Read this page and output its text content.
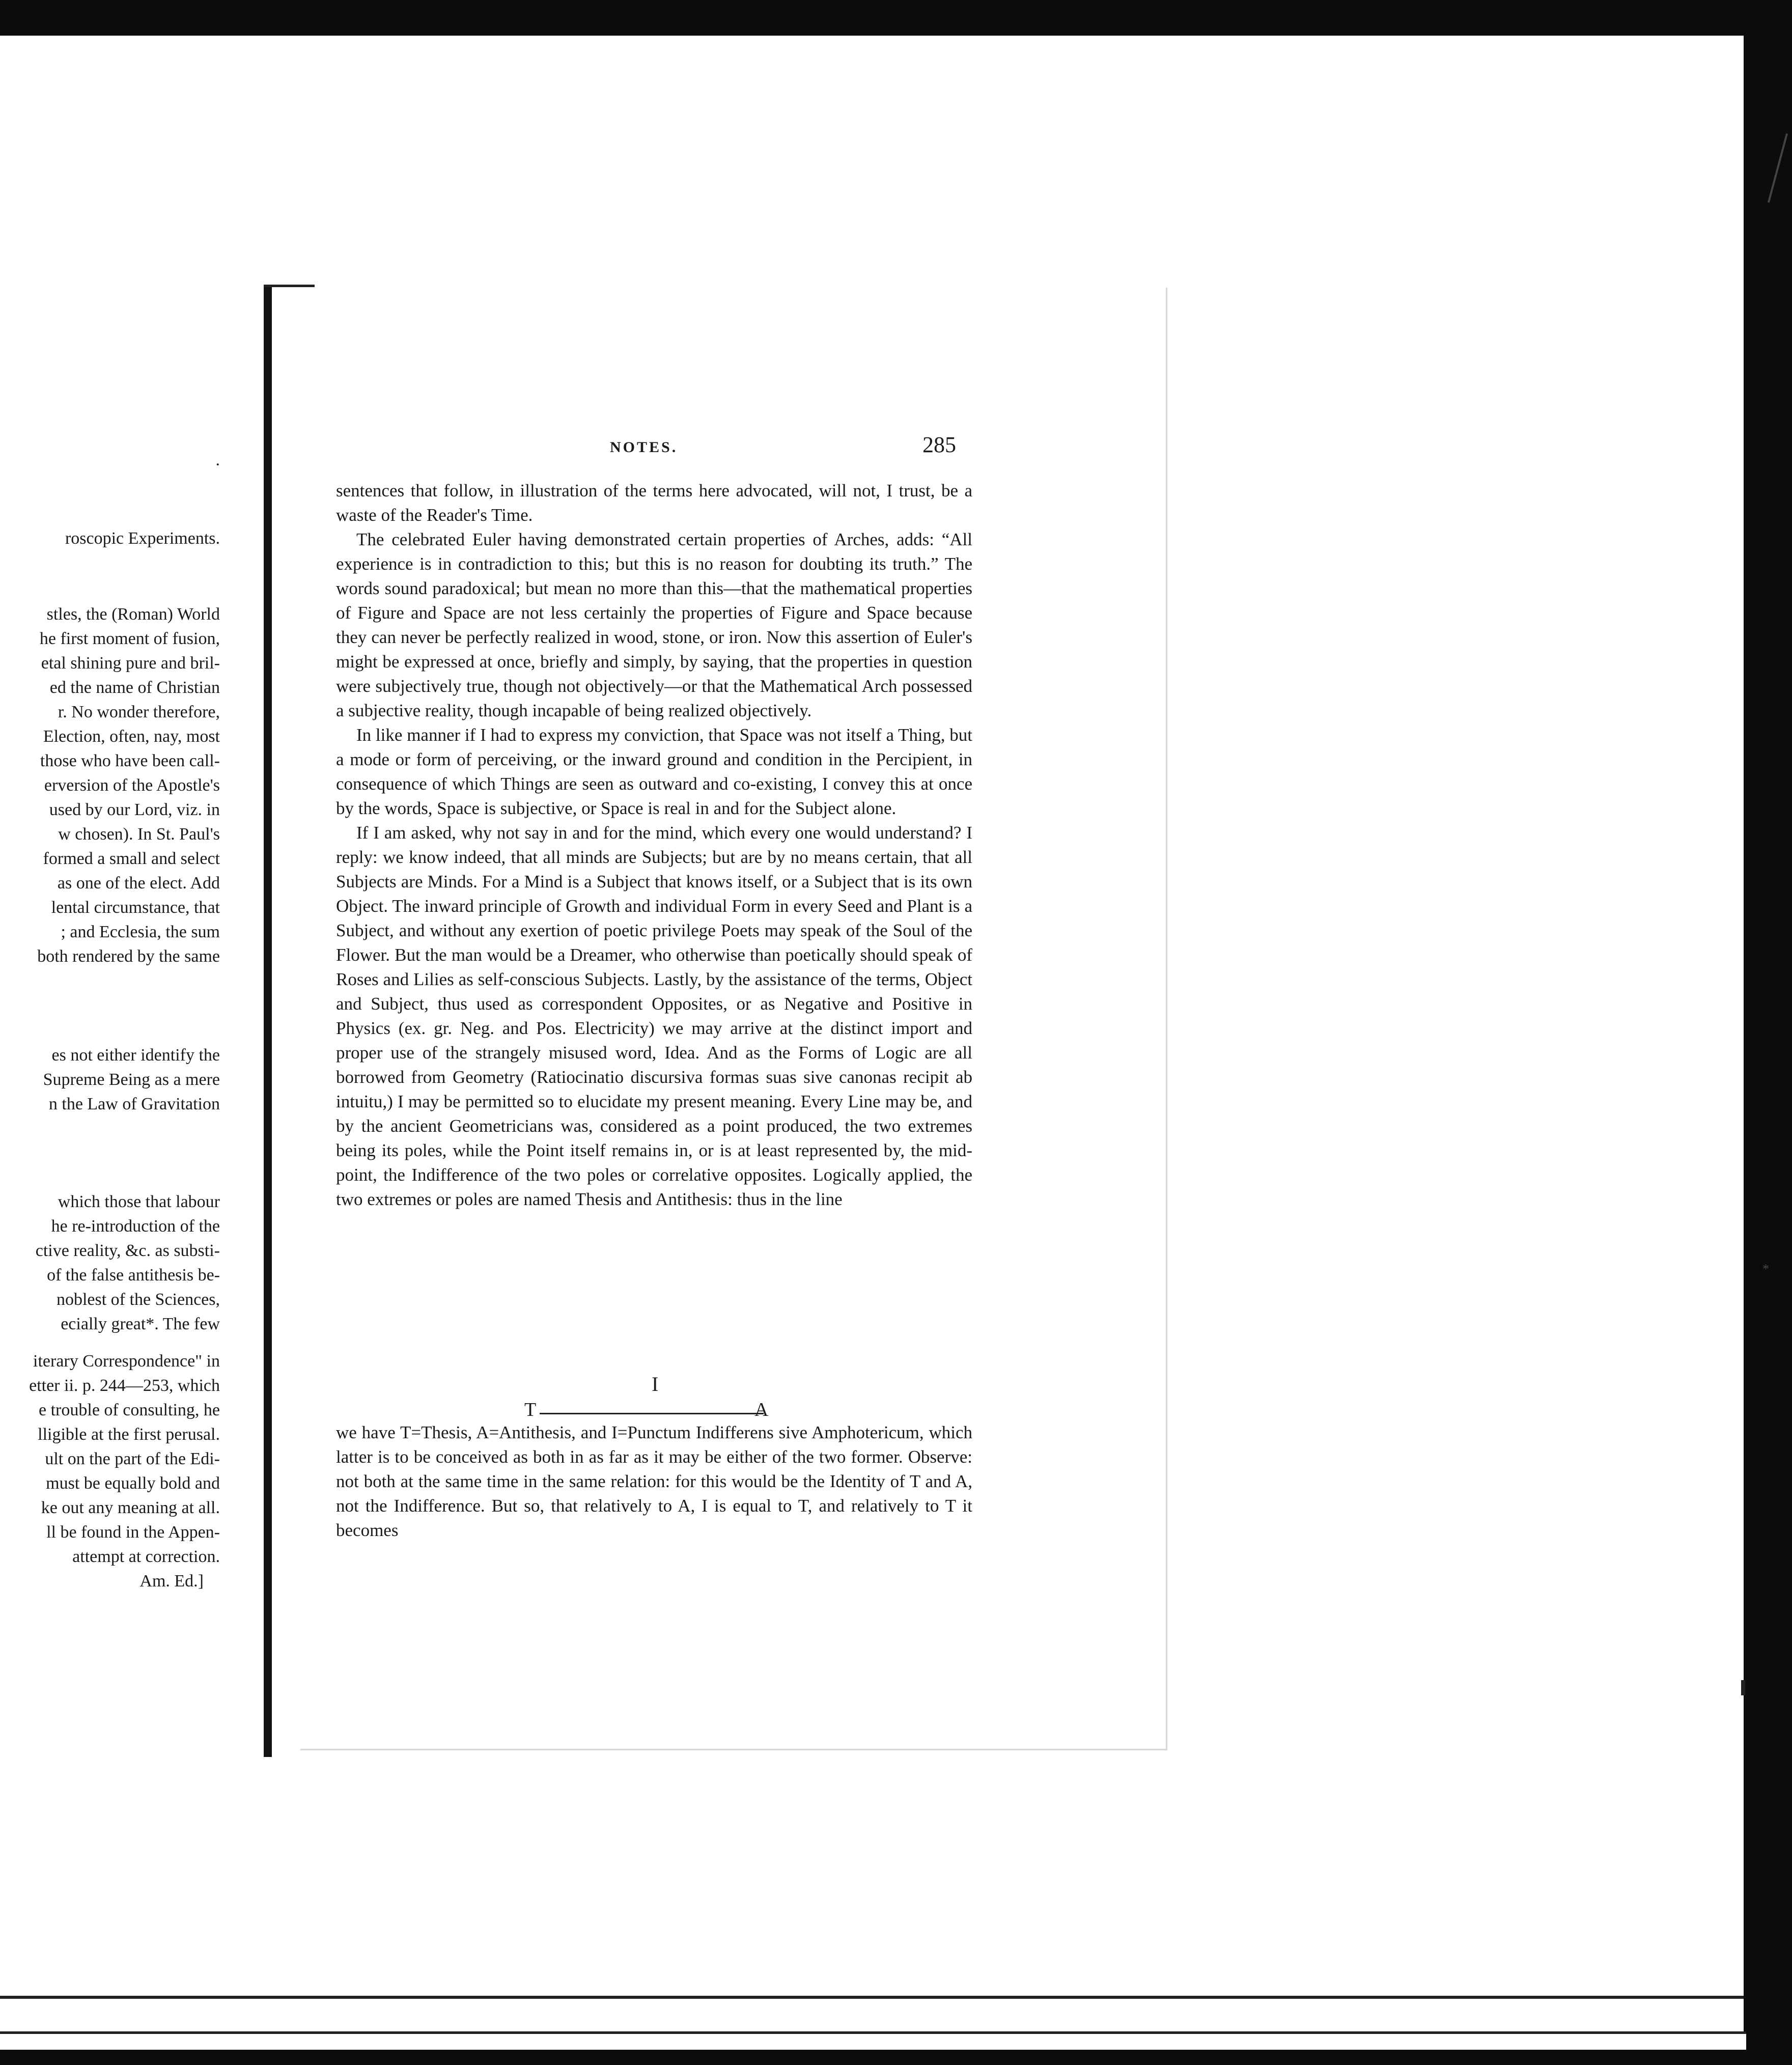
.
roscopic Experiments.
stles, the (Roman) World
he first moment of fusion,
etal shining pure and bril-
ed the name of Christian
r. No wonder therefore,
Election, often, nay, most
those who have been call-
erversion of the Apostle's
used by our Lord, viz. in
w chosen). In St. Paul's
formed a small and select
as one of the elect. Add
lental circumstance, that
; and Ecclesia, the sum
both rendered by the same
es not either identify the
Supreme Being as a mere
n the Law of Gravitation
which those that labour
he re-introduction of the
ctive reality, &c. as substi-
of the false antithesis be-
noblest of the Sciences,
ecially great*. The few
iterary Correspondence" in
etter ii. p. 244—253, which
e trouble of consulting, he
lligible at the first perusal.
ult on the part of the Edi-
must be equally bold and
ke out any meaning at all.
ll be found in the Appen-
attempt at correction.
Am. Ed.]
NOTES.	285

sentences that follow, in illustration of the terms here advocated, will not, I trust, be a waste of the Reader's Time.

The celebrated Euler having demonstrated certain properties of Arches, adds: “All experience is in contradiction to this; but this is no reason for doubting its truth.” The words sound paradoxical; but mean no more than this—that the mathematical properties of Figure and Space are not less certainly the properties of Figure and Space because they can never be perfectly realized in wood, stone, or iron. Now this assertion of Euler's might be expressed at once, briefly and simply, by saying, that the properties in question were subjectively true, though not objectively—or that the Mathematical Arch possessed a subjective reality, though incapable of being realized objectively.

In like manner if I had to express my conviction, that Space was not itself a Thing, but a mode or form of perceiving, or the inward ground and condition in the Percipient, in consequence of which Things are seen as outward and co-existing, I convey this at once by the words, Space is subjective, or Space is real in and for the Subject alone.

If I am asked, why not say in and for the mind, which every one would understand? I reply: we know indeed, that all minds are Subjects; but are by no means certain, that all Subjects are Minds. For a Mind is a Subject that knows itself, or a Subject that is its own Object. The inward principle of Growth and individual Form in every Seed and Plant is a Subject, and without any exertion of poetic privilege Poets may speak of the Soul of the Flower. But the man would be a Dreamer, who otherwise than poetically should speak of Roses and Lilies as self-conscious Subjects. Lastly, by the assistance of the terms, Object and Subject, thus used as correspondent Opposites, or as Negative and Positive in Physics (ex. gr. Neg. and Pos. Electricity) we may arrive at the distinct import and proper use of the strangely misused word, Idea. And as the Forms of Logic are all borrowed from Geometry (Ratiocinatio discursiva formas suas sive canonas recipit ab intuitu,) I may be permitted so to elucidate my present meaning. Every Line may be, and by the ancient Geometricians was, considered as a point produced, the two extremes being its poles, while the Point itself remains in, or is at least represented by, the mid-point, the Indifference of the two poles or correlative opposites. Logically applied, the two extremes or poles are named Thesis and Antithesis: thus in the line

I
T	A

we have T=Thesis, A=Antithesis, and I=Punctum Indifferens sive Amphotericum, which latter is to be conceived as both in as far as it may be either of the two former. Observe: not both at the same time in the same relation: for this would be the Identity of T and A, not the Indifference. But so, that relatively to A, I is equal to T, and relatively to T it becomes

*
